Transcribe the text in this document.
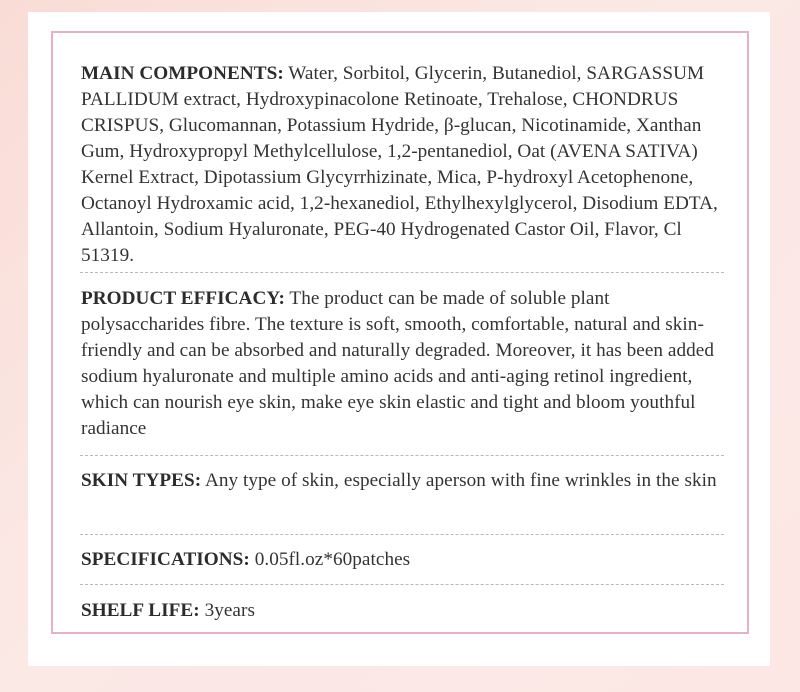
MAIN COMPONENTS: Water, Sorbitol, Glycerin, Butanediol, SARGASSUM PALLIDUM extract, Hydroxypinacolone Retinoate, Trehalose, CHONDRUS CRISPUS, Glucomannan, Potassium Hydride, β-glucan, Nicotinamide, Xanthan Gum, Hydroxypropyl Methylcellulose, 1,2-pentanediol, Oat (AVENA SATIVA) Kernel Extract, Dipotassium Glycyrrhizinate, Mica, P-hydroxyl Acetophenone, Octanoyl Hydroxamic acid, 1,2-hexanediol, Ethylhexylglycerol, Disodium EDTA, Allantoin, Sodium Hyaluronate, PEG-40 Hydrogenated Castor Oil, Flavor, Cl 51319.
PRODUCT EFFICACY: The product can be made of soluble plant polysaccharides fibre. The texture is soft, smooth, comfortable, natural and skin-friendly and can be absorbed and naturally degraded. Moreover, it has been added sodium hyaluronate and multiple amino acids and anti-aging retinol ingredient, which can nourish eye skin, make eye skin elastic and tight and bloom youthful radiance
SKIN TYPES: Any type of skin, especially aperson with fine wrinkles in the skin
SPECIFICATIONS: 0.05fl.oz*60patches
SHELF LIFE: 3years
